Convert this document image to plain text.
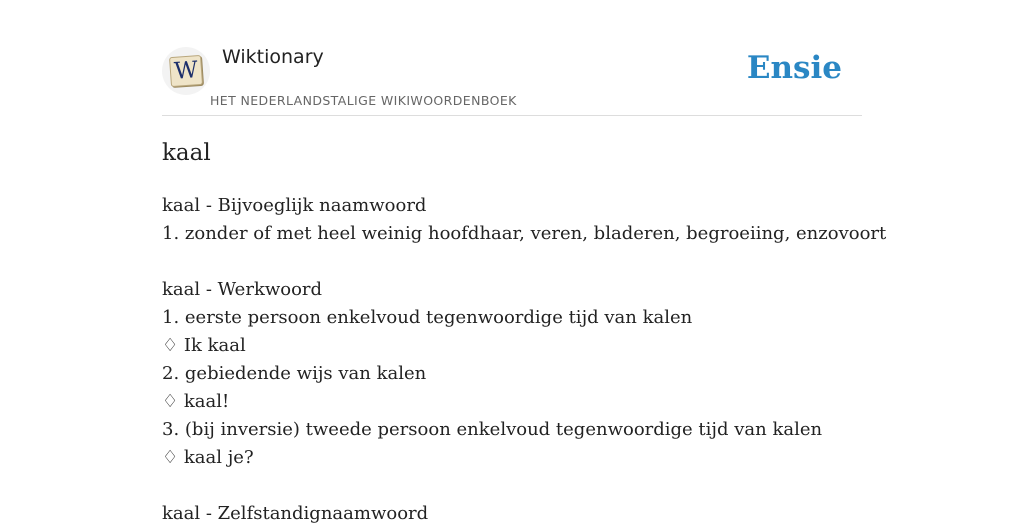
W
Wiktionary
HET NEDERLANDSTALIGE WIKIWOORDENBOEK
Ensie
kaal
kaal - Bijvoeglijk naamwoord
1. zonder of met heel weinig hoofdhaar, veren, bladeren, begroeiing, enzovoort
kaal - Werkwoord
1. eerste persoon enkelvoud tegenwoordige tijd van kalen
♢ Ik kaal
2. gebiedende wijs van kalen
♢ kaal!
3. (bij inversie) tweede persoon enkelvoud tegenwoordige tijd van kalen
♢ kaal je?
kaal - Zelfstandignaamwoord
